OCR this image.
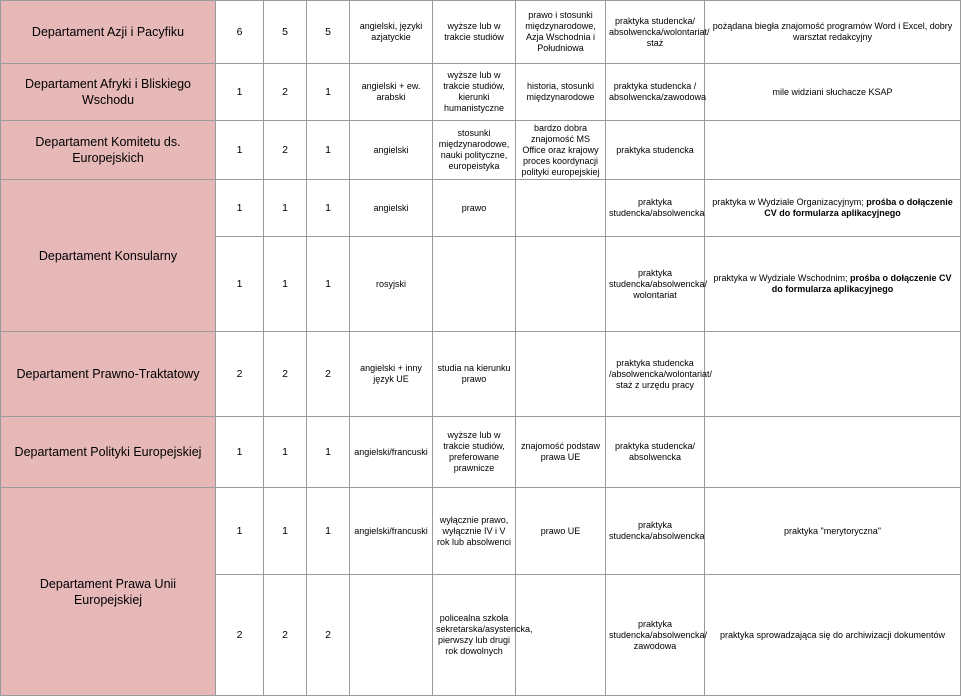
Departament Azji i Pacyfiku	6	5	5	angielski, języki azjatyckie	wyższe lub w trakcie studiów	prawo i stosunki międzynarodowe, Azja Wschodnia i Południowa	praktyka studencka/ absolwencka/wolontariat/ staż	pożądana biegła znajomość programów Word i Excel, dobry warsztat redakcyjny
Departament Afryki i Bliskiego Wschodu	1	2	1	angielski + ew. arabski	wyższe lub w trakcie studiów, kierunki humanistyczne	historia, stosunki międzynarodowe	praktyka studencka / absolwencka/zawodowa	mile widziani słuchacze KSAP
Departament Komitetu ds. Europejskich	1	2	1	angielski	stosunki międzynarodowe, nauki polityczne, europeistyka	bardzo dobra znajomość MS Office oraz krajowy proces koordynacji polityki europejskiej	praktyka studencka	
Departament Konsularny	1	1	1	angielski	prawo		praktyka studencka/absolwencka	praktyka w Wydziale Organizacyjnym; prośba o dołączenie CV do formularza aplikacyjnego
	1	1	1	rosyjski			praktyka studencka/absolwencka/ wolontariat	praktyka w Wydziale Wschodnim; prośba o dołączenie CV do formularza aplikacyjnego
Departament Prawno-Traktatowy	2	2	2	angielski + inny język UE	studia na kierunku prawo		praktyka studencka /absolwencka/wolontariat/ staż z urzędu pracy	
Departament Polityki Europejskiej	1	1	1	angielski/francuski	wyższe lub w trakcie studiów, preferowane prawnicze	znajomość podstaw prawa UE	praktyka studencka/ absolwencka	
Departament Prawa Unii Europejskiej	1	1	1	angielski/francuski	wyłącznie prawo, wyłącznie IV i V rok lub absolwenci	prawo UE	praktyka studencka/absolwencka	praktyka "merytoryczna"
	2	2	2		policealna szkoła sekretarska/asystencka, pierwszy lub drugi rok dowolnych		praktyka studencka/absolwencka/ zawodowa	praktyka sprowadzająca się do archiwizacji dokumentów
